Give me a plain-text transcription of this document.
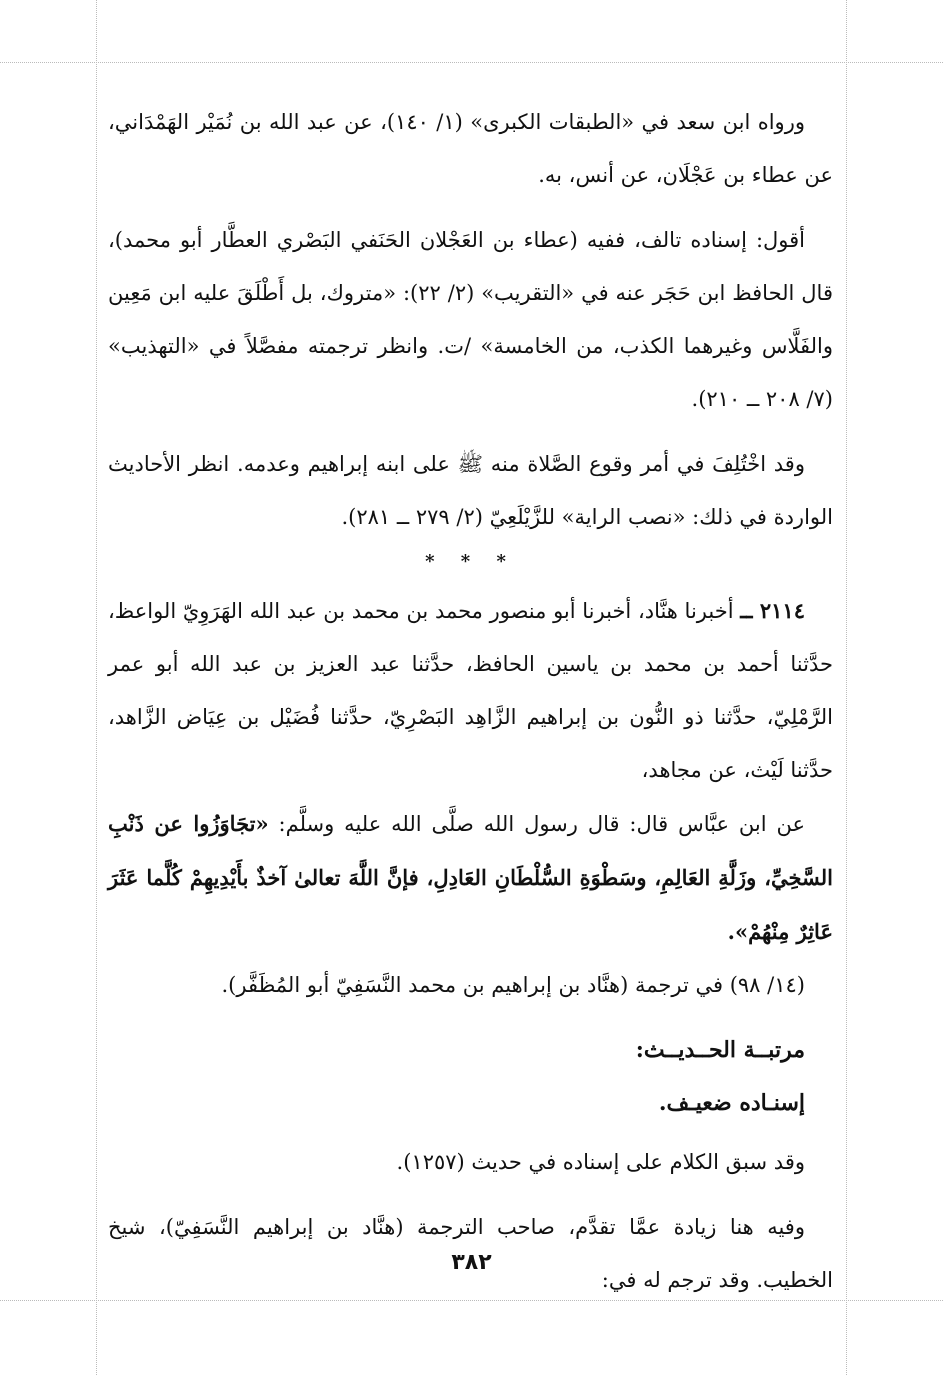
ورواه ابن سعد في «الطبقات الكبرى» (١/ ١٤٠)، عن عبد الله بن نُمَيْر الهَمْدَاني، عن عطاء بن عَجْلَان، عن أنس، به.

أقول: إسناده تالف، ففيه (عطاء بن العَجْلان الحَنَفي البَصْري العطَّار أبو محمد)، قال الحافظ ابن حَجَر عنه في «التقريب» (٢/ ٢٢): «متروك، بل أَطْلَقَ عليه ابن مَعِين والفَلَّاس وغيرهما الكذب، من الخامسة» /ت. وانظر ترجمته مفصَّلاً في «التهذيب» (٧/ ٢٠٨ ــ ٢١٠).

وقد اخْتُلِفَ في أمر وقوع الصَّلاة منه ﷺ على ابنه إبراهيم وعدمه. انظر الأحاديث الواردة في ذلك: «نصب الراية» للزَّيْلَعِيّ (٢/ ٢٧٩ ــ ٢٨١).

* * *

٢١١٤ ــ أخبرنا هنَّاد، أخبرنا أبو منصور محمد بن محمد بن عبد الله الهَرَوِيّ الواعظ، حدَّثنا أحمد بن محمد بن ياسين الحافظ، حدَّثنا عبد العزيز بن عبد الله أبو عمر الرَّمْلِيّ، حدَّثنا ذو النُّون بن إبراهيم الزَّاهِد البَصْرِيّ، حدَّثنا فُضَيْل بن عِيَاض الزَّاهد، حدَّثنا لَيْث، عن مجاهد،

عن ابن عبَّاس قال: قال رسول الله صلَّى الله عليه وسلَّم: «تجَاوَزُوا عن ذَنْبِ السَّخِيِّ، وزَلَّةِ العَالِمِ، وسَطْوَةِ السُّلْطَانِ العَادِلِ، فإنَّ اللَّهَ تعالىٰ آخذٌ بأَيْدِيهِمْ كُلَّما عَثَرَ عَاثِرٌ مِنْهُمْ».

(١٤/ ٩٨) في ترجمة (هنَّاد بن إبراهيم بن محمد النَّسَفِيّ أبو المُظَفَّر).

مرتبــة الحــديــث:

إسنـاده ضعيـف.

وقد سبق الكلام على إسناده في حديث (١٢٥٧).

وفيه هنا زيادة عمَّا تقدَّم، صاحب الترجمة (هنَّاد بن إبراهيم النَّسَفِيّ)، شيخ الخطيب. وقد ترجم له في:

٣٨٢
